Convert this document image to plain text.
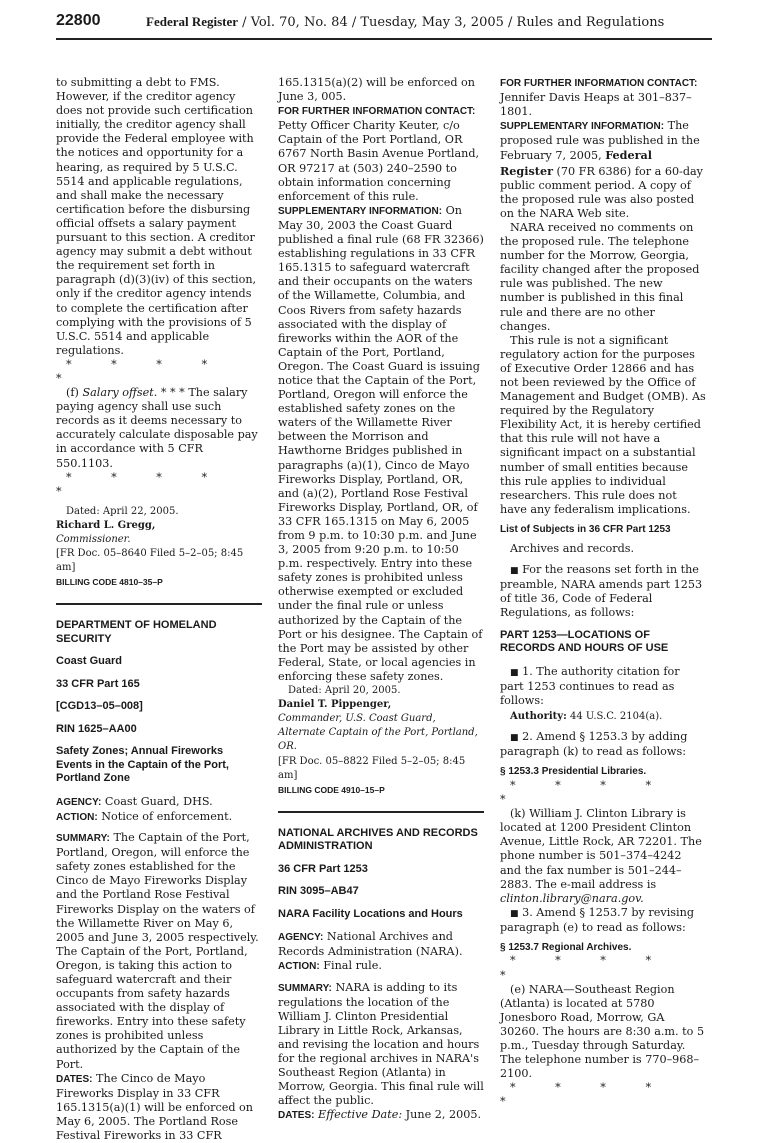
22800	Federal Register / Vol. 70, No. 84 / Tuesday, May 3, 2005 / Rules and Regulations

to submitting a debt to FMS. However, if the creditor agency does not provide such certification initially, the creditor agency shall provide the Federal employee with the notices and opportunity for a hearing, as required by 5 U.S.C. 5514 and applicable regulations, and shall make the necessary certification before the disbursing official offsets a salary payment pursuant to this section. A creditor agency may submit a debt without the requirement set forth in paragraph (d)(3)(iv) of this section, only if the creditor agency intends to complete the certification after complying with the provisions of 5 U.S.C. 5514 and applicable regulations.

* * * * *

(f) Salary offset. * * * The salary paying agency shall use such records as it deems necessary to accurately calculate disposable pay in accordance with 5 CFR 550.1103.

* * * * *

Dated: April 22, 2005.

Richard L. Gregg,

Commissioner.

[FR Doc. 05–8640 Filed 5–2–05; 8:45 am]

BILLING CODE 4810–35–P

DEPARTMENT OF HOMELAND SECURITY

Coast Guard

33 CFR Part 165

[CGD13–05–008]

RIN 1625–AA00

Safety Zones; Annual Fireworks Events in the Captain of the Port, Portland Zone

AGENCY: Coast Guard, DHS.

ACTION: Notice of enforcement.

SUMMARY: The Captain of the Port, Portland, Oregon, will enforce the safety zones established for the Cinco de Mayo Fireworks Display and the Portland Rose Festival Fireworks Display on the waters of the Willamette River on May 6, 2005 and June 3, 2005 respectively. The Captain of the Port, Portland, Oregon, is taking this action to safeguard watercraft and their occupants from safety hazards associated with the display of fireworks. Entry into these safety zones is prohibited unless authorized by the Captain of the Port.

DATES: The Cinco de Mayo Fireworks Display in 33 CFR 165.1315(a)(1) will be enforced on May 6, 2005. The Portland Rose Festival Fireworks in 33 CFR

165.1315(a)(2) will be enforced on June 3, 005.

FOR FURTHER INFORMATION CONTACT:
Petty Officer Charity Keuter, c/o Captain of the Port Portland, OR 6767 North Basin Avenue Portland, OR 97217 at (503) 240–2590 to obtain information concerning enforcement of this rule.

SUPPLEMENTARY INFORMATION: On May 30, 2003 the Coast Guard published a final rule (68 FR 32366) establishing regulations in 33 CFR 165.1315 to safeguard watercraft and their occupants on the waters of the Willamette, Columbia, and Coos Rivers from safety hazards associated with the display of fireworks within the AOR of the Captain of the Port, Portland, Oregon. The Coast Guard is issuing notice that the Captain of the Port, Portland, Oregon will enforce the established safety zones on the waters of the Willamette River between the Morrison and Hawthorne Bridges published in paragraphs (a)(1), Cinco de Mayo Fireworks Display, Portland, OR, and (a)(2), Portland Rose Festival Fireworks Display, Portland, OR, of 33 CFR 165.1315 on May 6, 2005 from 9 p.m. to 10:30 p.m. and June 3, 2005 from 9:20 p.m. to 10:50 p.m. respectively. Entry into these safety zones is prohibited unless otherwise exempted or excluded under the final rule or unless authorized by the Captain of the Port or his designee. The Captain of the Port may be assisted by other Federal, State, or local agencies in enforcing these safety zones.

Dated: April 20, 2005.

Daniel T. Pippenger,

Commander, U.S. Coast Guard, Alternate Captain of the Port, Portland, OR.

[FR Doc. 05–8822 Filed 5–2–05; 8:45 am]

BILLING CODE 4910–15–P

NATIONAL ARCHIVES AND RECORDS ADMINISTRATION

36 CFR Part 1253

RIN 3095–AB47

NARA Facility Locations and Hours

AGENCY: National Archives and Records Administration (NARA).

ACTION: Final rule.

SUMMARY: NARA is adding to its regulations the location of the William J. Clinton Presidential Library in Little Rock, Arkansas, and revising the location and hours for the regional archives in NARA's Southeast Region (Atlanta) in Morrow, Georgia. This final rule will affect the public.

DATES: Effective Date: June 2, 2005.

FOR FURTHER INFORMATION CONTACT:
Jennifer Davis Heaps at 301–837–1801.

SUPPLEMENTARY INFORMATION: The proposed rule was published in the February 7, 2005, Federal Register (70 FR 6386) for a 60-day public comment period. A copy of the proposed rule was also posted on the NARA Web site.

NARA received no comments on the proposed rule. The telephone number for the Morrow, Georgia, facility changed after the proposed rule was published. The new number is published in this final rule and there are no other changes.

This rule is not a significant regulatory action for the purposes of Executive Order 12866 and has not been reviewed by the Office of Management and Budget (OMB). As required by the Regulatory Flexibility Act, it is hereby certified that this rule will not have a significant impact on a substantial number of small entities because this rule applies to individual researchers. This rule does not have any federalism implications.

List of Subjects in 36 CFR Part 1253

Archives and records.

■ For the reasons set forth in the preamble, NARA amends part 1253 of title 36, Code of Federal Regulations, as follows:

PART 1253—LOCATIONS OF RECORDS AND HOURS OF USE

■ 1. The authority citation for part 1253 continues to read as follows:

Authority: 44 U.S.C. 2104(a).

■ 2. Amend § 1253.3 by adding paragraph (k) to read as follows:

§ 1253.3 Presidential Libraries.

* * * * *

(k) William J. Clinton Library is located at 1200 President Clinton Avenue, Little Rock, AR 72201. The phone number is 501–374–4242 and the fax number is 501–244–2883. The e-mail address is

clinton.library@nara.gov.

■ 3. Amend § 1253.7 by revising paragraph (e) to read as follows:

§ 1253.7 Regional Archives.

* * * * *

(e) NARA—Southeast Region (Atlanta) is located at 5780 Jonesboro Road, Morrow, GA 30260. The hours are 8:30 a.m. to 5 p.m., Tuesday through Saturday. The telephone number is 770–968–2100.

* * * * *
